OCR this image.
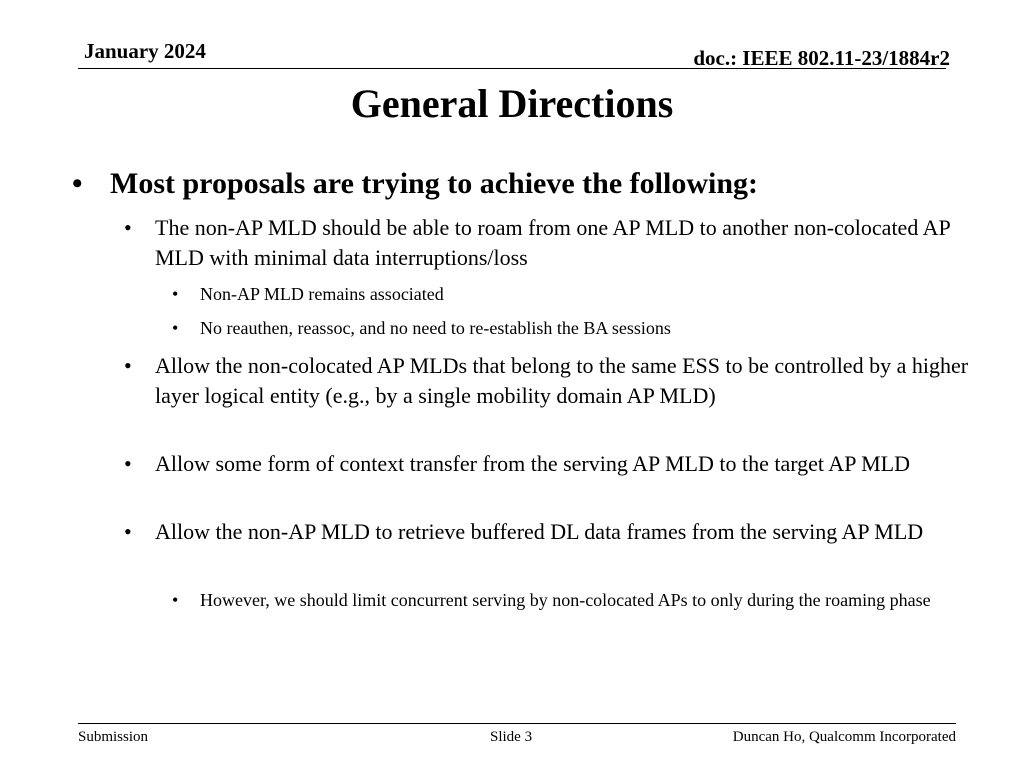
January 2024	doc.: IEEE 802.11-23/1884r2
General Directions
• Most proposals are trying to achieve the following:
• The non-AP MLD should be able to roam from one AP MLD to another non-colocated AP MLD with minimal data interruptions/loss
• Non-AP MLD remains associated
• No reauthen, reassoc, and no need to re-establish the BA sessions
• Allow the non-colocated AP MLDs that belong to the same ESS to be controlled by a higher layer logical entity (e.g., by a single mobility domain AP MLD)
• Allow some form of context transfer from the serving AP MLD to the target AP MLD
• Allow the non-AP MLD to retrieve buffered DL data frames from the serving AP MLD
• However, we should limit concurrent serving by non-colocated APs to only during the roaming phase
Submission	Slide 3	Duncan Ho, Qualcomm Incorporated
